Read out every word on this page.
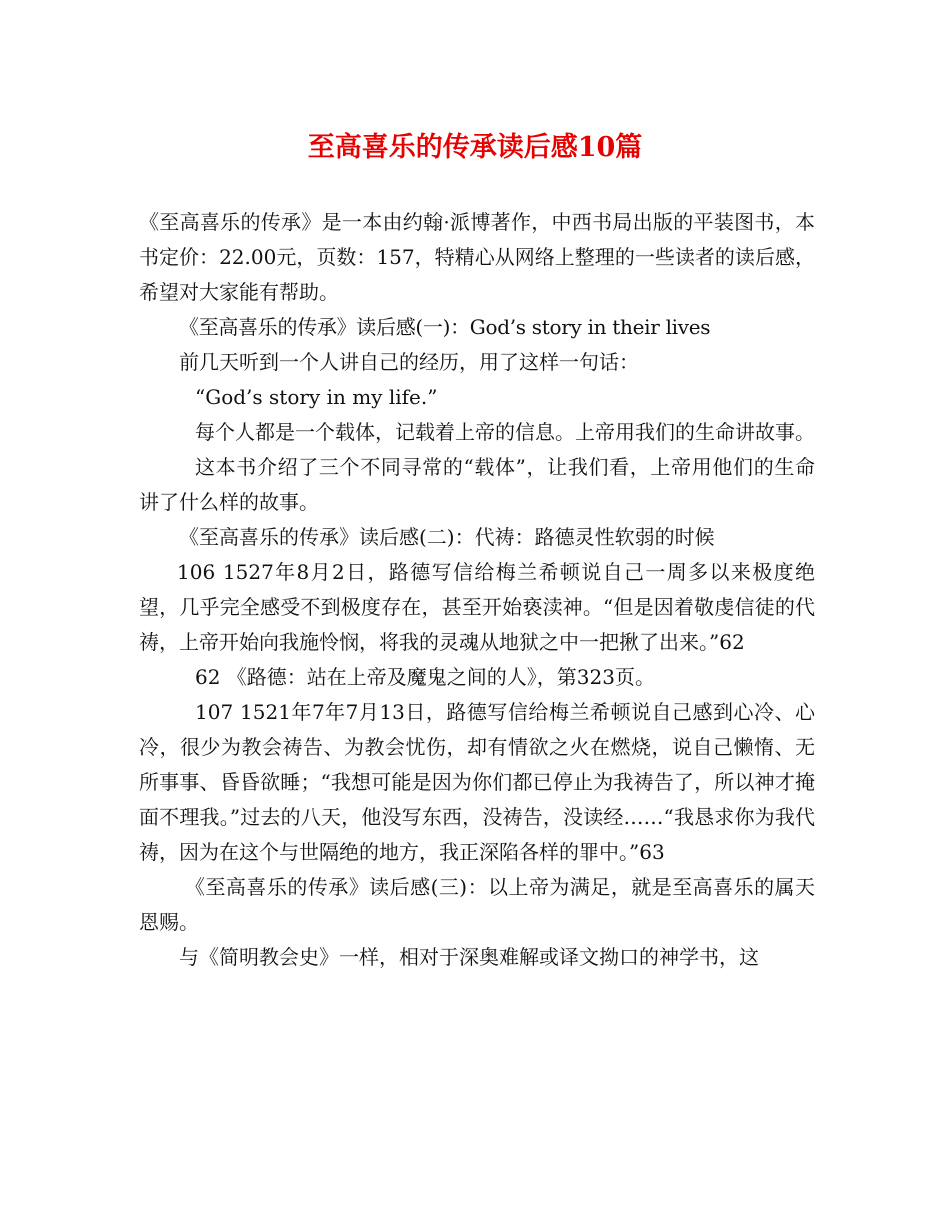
至高喜乐的传承读后感10篇

《至高喜乐的传承》是一本由约翰·派博著作，中西书局出版的平装图书，本书定价：22.00元，页数：157，特精心从网络上整理的一些读者的读后感，希望对大家能有帮助。

《至高喜乐的传承》读后感(一)：God’s story in their lives

前几天听到一个人讲自己的经历，用了这样一句话：

“God’s story in my life.”

每个人都是一个载体，记载着上帝的信息。上帝用我们的生命讲故事。

这本书介绍了三个不同寻常的“载体”，让我们看，上帝用他们的生命讲了什么样的故事。

《至高喜乐的传承》读后感(二)：代祷：路德灵性软弱的时候

106 1527年8月2日，路德写信给梅兰希顿说自己一周多以来极度绝望，几乎完全感受不到极度存在，甚至开始亵渎神。“但是因着敬虔信徒的代祷，上帝开始向我施怜悯，将我的灵魂从地狱之中一把揪了出来。”62

62 《路德：站在上帝及魔鬼之间的人》，第323页。

107 1521年7年7月13日，路德写信给梅兰希顿说自己感到心冷、心冷，很少为教会祷告、为教会忧伤，却有情欲之火在燃烧，说自己懒惰、无所事事、昏昏欲睡；“我想可能是因为你们都已停止为我祷告了，所以神才掩面不理我。”过去的八天，他没写东西，没祷告，没读经……“我恳求你为我代祷，因为在这个与世隔绝的地方，我正深陷各样的罪中。”63

《至高喜乐的传承》读后感(三)：以上帝为满足，就是至高喜乐的属天恩赐。

与《简明教会史》一样，相对于深奥难解或译文拗口的神学书，这
